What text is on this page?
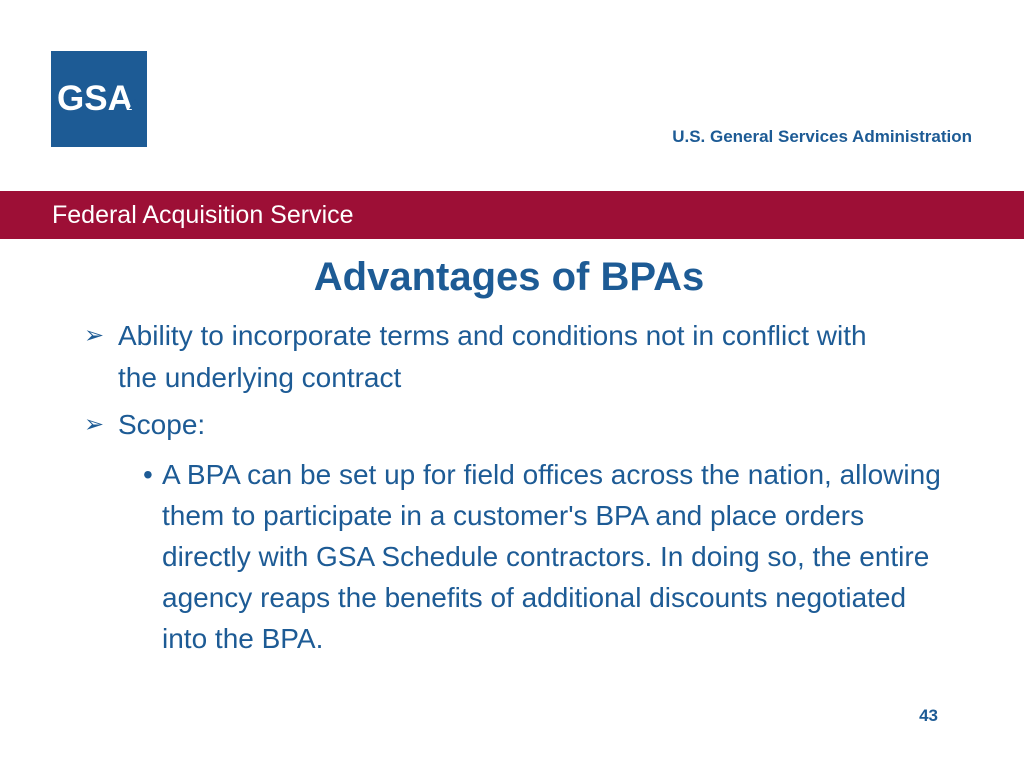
GSA
U.S. General Services Administration
Federal Acquisition Service
Advantages of BPAs
➢ Ability to incorporate terms and conditions not in conflict with the underlying contract
➢ Scope:
• A BPA can be set up for field offices across the nation, allowing them to participate in a customer's BPA and place orders directly with GSA Schedule contractors. In doing so, the entire agency reaps the benefits of additional discounts negotiated into the BPA.
43
